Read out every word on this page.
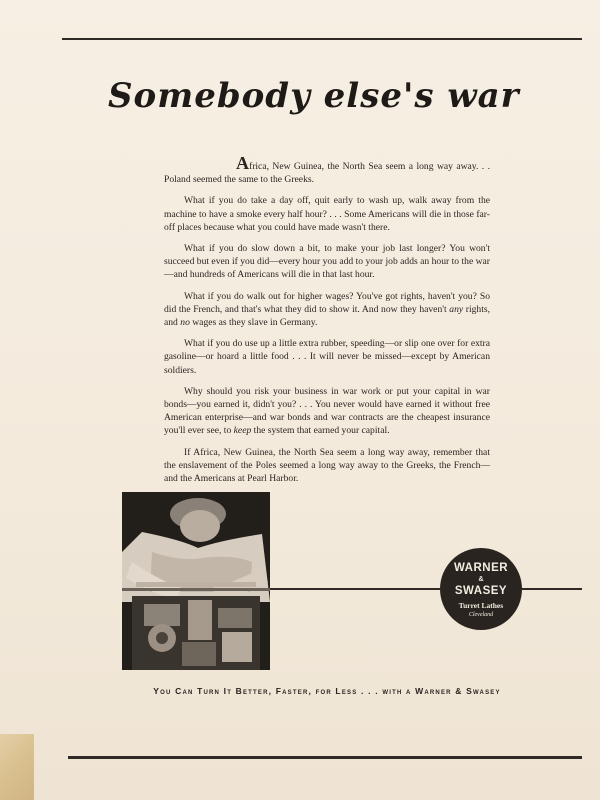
Somebody else's war

Africa, New Guinea, the North Sea seem a long way away. . . Poland seemed the same to the Greeks.

What if you do take a day off, quit early to wash up, walk away from the machine to have a smoke every half hour? . . . Some Americans will die in those far-off places because what you could have made wasn't there.

What if you do slow down a bit, to make your job last longer? You won't succeed but even if you did—every hour you add to your job adds an hour to the war—and hundreds of Americans will die in that last hour.

What if you do walk out for higher wages? You've got rights, haven't you? So did the French, and that's what they did to show it. And now they haven't any rights, and no wages as they slave in Germany.

What if you do use up a little extra rubber, speeding—or slip one over for extra gasoline—or hoard a little food . . . It will never be missed—except by American soldiers.

Why should you risk your business in war work or put your capital in war bonds—you earned it, didn't you? . . . You never would have earned it without free American enterprise—and war bonds and war contracts are the cheapest insurance you'll ever see, to keep the system that earned your capital.

If Africa, New Guinea, the North Sea seem a long way away, remember that the enslavement of the Poles seemed a long way away to the Greeks, the French—and the Americans at Pearl Harbor.

WARNER
&
SWASEY
Turret Lathes
Cleveland
You Can Turn It Better, Faster, for Less . . . with a Warner & Swasey
